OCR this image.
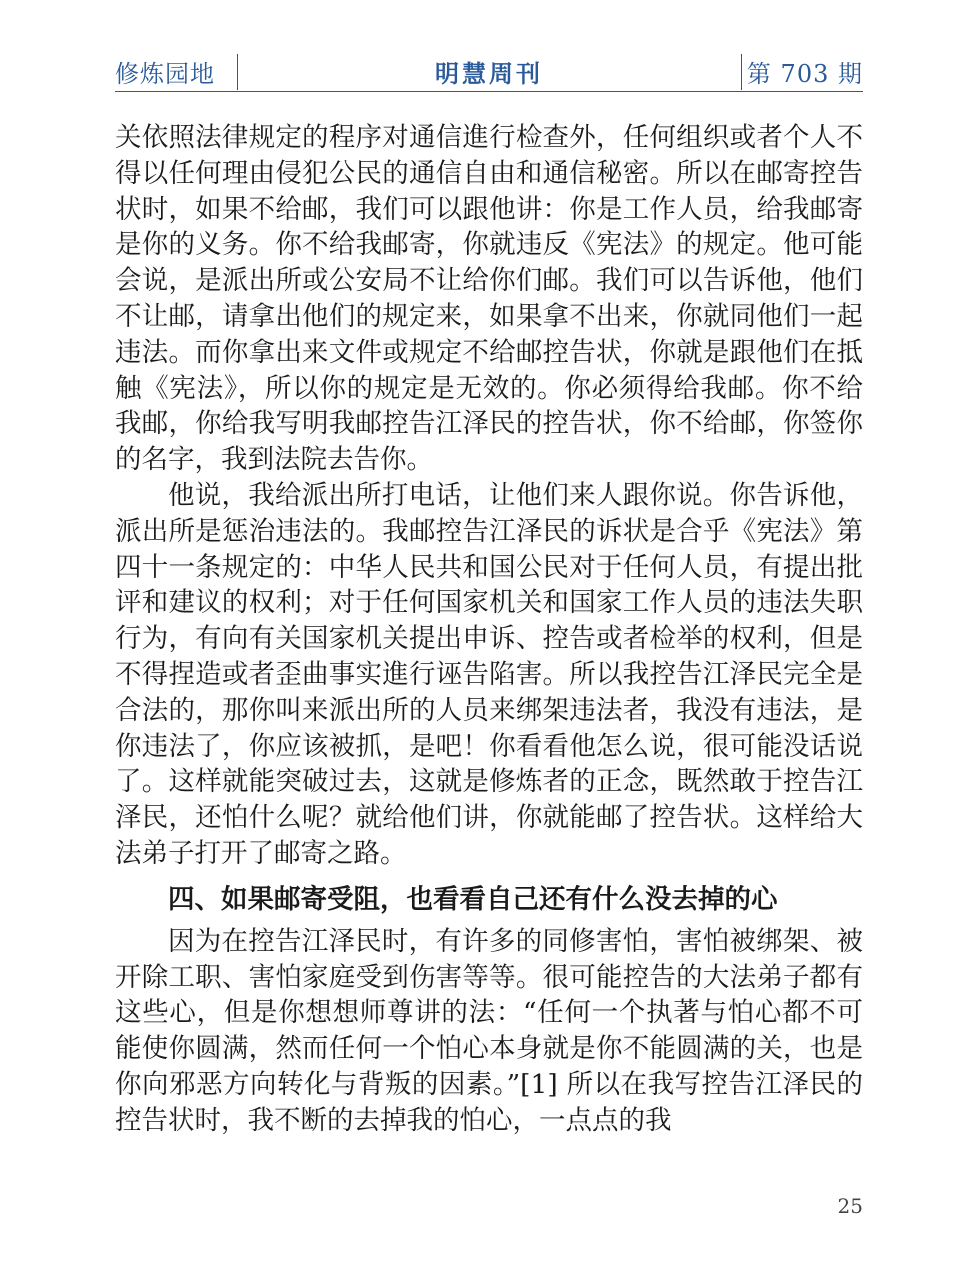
修炼园地	明慧周刊	第 703 期

关依照法律规定的程序对通信進行检查外，任何组织或者个人不得以任何理由侵犯公民的通信自由和通信秘密。所以在邮寄控告状时，如果不给邮，我们可以跟他讲：你是工作人员，给我邮寄是你的义务。你不给我邮寄，你就违反《宪法》的规定。他可能会说，是派出所或公安局不让给你们邮。我们可以告诉他，他们不让邮，请拿出他们的规定来，如果拿不出来，你就同他们一起违法。而你拿出来文件或规定不给邮控告状，你就是跟他们在抵触《宪法》，所以你的规定是无效的。你必须得给我邮。你不给我邮，你给我写明我邮控告江泽民的控告状，你不给邮，你签你的名字，我到法院去告你。

他说，我给派出所打电话，让他们来人跟你说。你告诉他，派出所是惩治违法的。我邮控告江泽民的诉状是合乎《宪法》第四十一条规定的：中华人民共和国公民对于任何人员，有提出批评和建议的权利；对于任何国家机关和国家工作人员的违法失职行为，有向有关国家机关提出申诉、控告或者检举的权利，但是不得捏造或者歪曲事实進行诬告陷害。所以我控告江泽民完全是合法的，那你叫来派出所的人员来绑架违法者，我没有违法，是你违法了，你应该被抓，是吧！你看看他怎么说，很可能没话说了。这样就能突破过去，这就是修炼者的正念，既然敢于控告江泽民，还怕什么呢？就给他们讲，你就能邮了控告状。这样给大法弟子打开了邮寄之路。

四、如果邮寄受阻，也看看自己还有什么没去掉的心

因为在控告江泽民时，有许多的同修害怕，害怕被绑架、被开除工职、害怕家庭受到伤害等等。很可能控告的大法弟子都有这些心，但是你想想师尊讲的法：“任何一个执著与怕心都不可能使你圆满，然而任何一个怕心本身就是你不能圆满的关，也是你向邪恶方向转化与背叛的因素。”[1] 所以在我写控告江泽民的控告状时，我不断的去掉我的怕心，一点点的我

25
